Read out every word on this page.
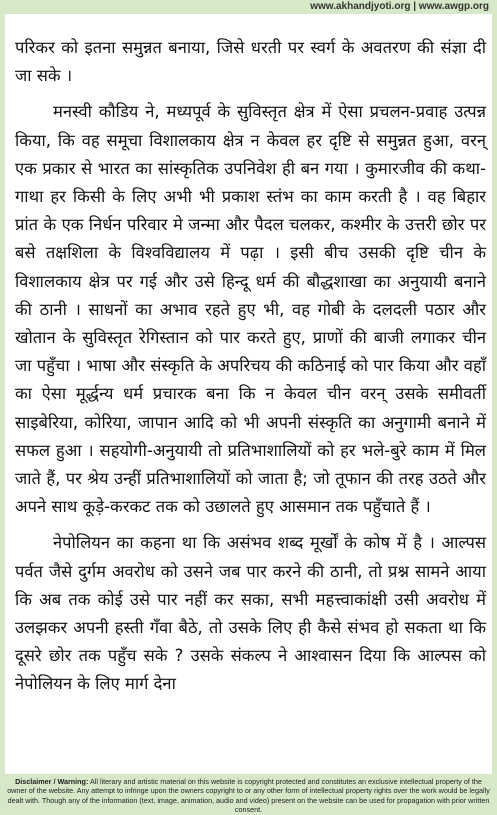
www.akhandjyoti.org | www.awgp.org

परिकर को इतना समुन्नत बनाया, जिसे धरती पर स्वर्ग के अवतरण की संज्ञा दी जा सके ।

मनस्वी कौडिय ने, मध्यपूर्व के सुविस्तृत क्षेत्र में ऐसा प्रचलन-प्रवाह उत्पन्न किया, कि वह समूचा विशालकाय क्षेत्र न केवल हर दृष्टि से समुन्नत हुआ, वरन् एक प्रकार से भारत का सांस्कृतिक उपनिवेश ही बन गया । कुमारजीव की कथा-गाथा हर किसी के लिए अभी भी प्रकाश स्तंभ का काम करती है । वह बिहार प्रांत के एक निर्धन परिवार मे जन्मा और पैदल चलकर, कश्मीर के उत्तरी छोर पर बसे तक्षशिला के विश्वविद्यालय में पढ़ा । इसी बीच उसकी दृष्टि चीन के विशालकाय क्षेत्र पर गई और उसे हिन्दू धर्म की बौद्धशाखा का अनुयायी बनाने की ठानी । साधनों का अभाव रहते हुए भी, वह गोबी के दलदली पठार और खोतान के सुविस्तृत रेगिस्तान को पार करते हुए, प्राणों की बाजी लगाकर चीन जा पहुँचा । भाषा और संस्कृति के अपरिचय की कठिनाई को पार किया और वहाँ का ऐसा मूर्द्धन्य धर्म प्रचारक बना कि न केवल चीन वरन् उसके समीवर्ती साइबेरिया, कोरिया, जापान आदि को भी अपनी संस्कृति का अनुगामी बनाने में सफल हुआ । सहयोगी-अनुयायी तो प्रतिभाशालियों को हर भले-बुरे काम में मिल जाते हैं, पर श्रेय उन्हीं प्रतिभाशालियों को जाता है; जो तूफान की तरह उठते और अपने साथ कूड़े-करकट तक को उछालते हुए आसमान तक पहुँचाते हैं ।

नेपोलियन का कहना था कि असंभव शब्द मूर्खों के कोष में है । आल्पस पर्वत जैसे दुर्गम अवरोध को उसने जब पार करने की ठानी, तो प्रश्न सामने आया कि अब तक कोई उसे पार नहीं कर सका, सभी महत्त्वाकांक्षी उसी अवरोध में उलझकर अपनी हस्ती गँवा बैठे, तो उसके लिए ही कैसे संभव हो सकता था कि दूसरे छोर तक पहुँच सके ? उसके संकल्प ने आश्वासन दिया कि आल्पस को नेपोलियन के लिए मार्ग देना

Disclaimer / Warning: All literary and artistic material on this website is copyright protected and constitutes an exclusive intellectual property of the owner of the website. Any attempt to infringe upon the owners copyright to or any other form of intellectual property rights over the work would be legally dealt with. Though any of the information (text, image, animation, audio and video) present on the website can be used for propagation with prior written consent.
